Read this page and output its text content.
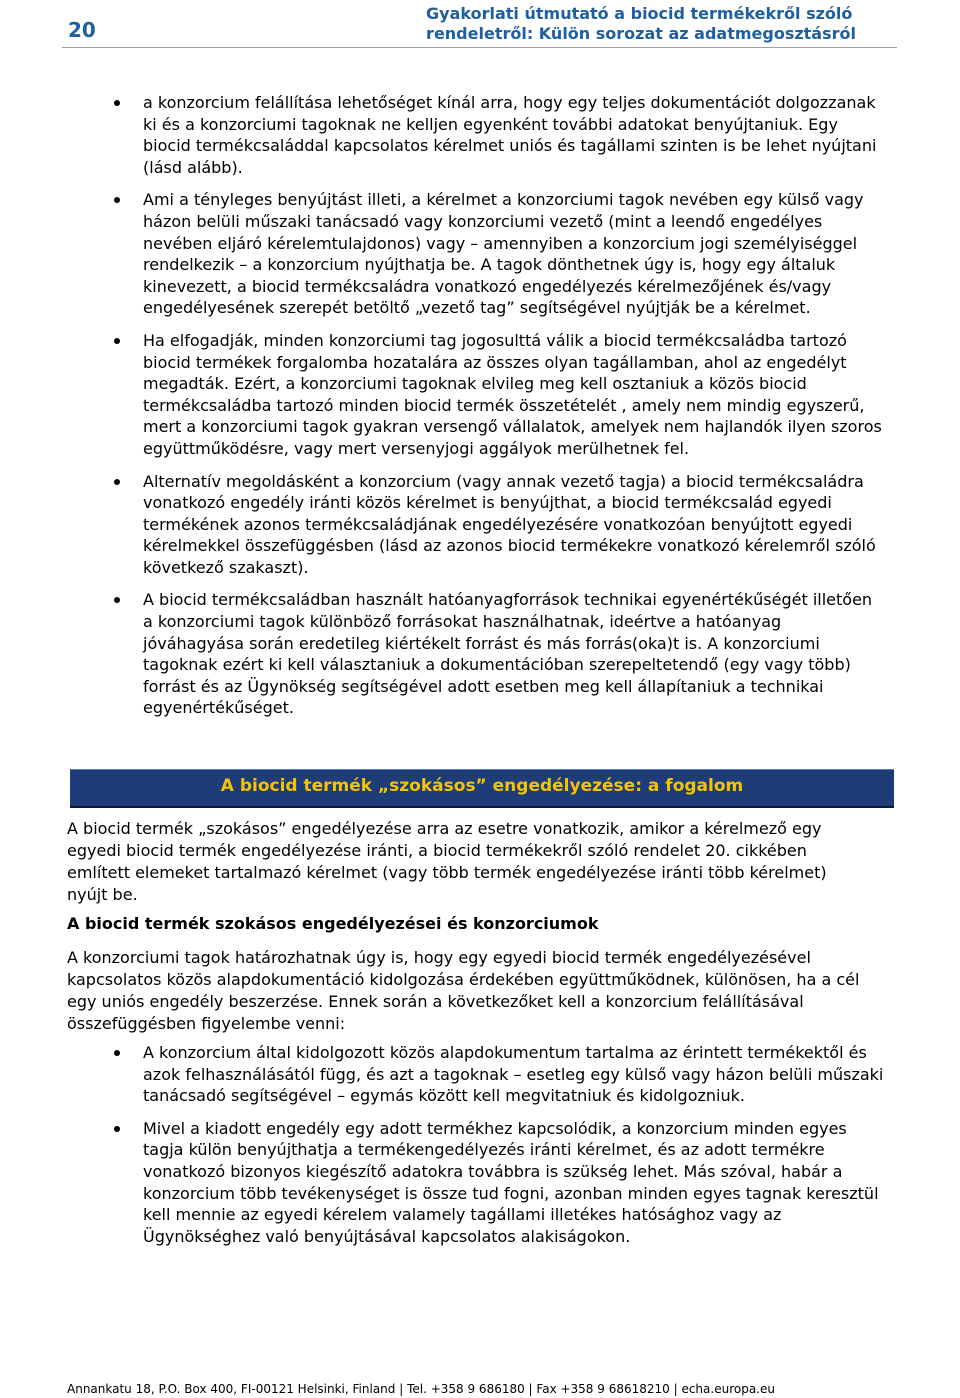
20
Gyakorlati útmutató a biocid termékekről szóló
rendeletről: Külön sorozat az adatmegosztásról
a konzorcium felállítása lehetőséget kínál arra, hogy egy teljes dokumentációt dolgozzanak ki és a konzorciumi tagoknak ne kelljen egyenként további adatokat benyújtaniuk. Egy biocid termékcsaláddal kapcsolatos kérelmet uniós és tagállami szinten is be lehet nyújtani (lásd alább).
Ami a tényleges benyújtást illeti, a kérelmet a konzorciumi tagok nevében egy külső vagy házon belüli műszaki tanácsadó vagy konzorciumi vezető (mint a leendő engedélyes nevében eljáró kérelemtulajdonos) vagy – amennyiben a konzorcium jogi személyiséggel rendelkezik – a konzorcium nyújthatja be. A tagok dönthetnek úgy is, hogy egy általuk kinevezett, a biocid termékcsaládra vonatkozó engedélyezés kérelmezőjének és/vagy engedélyesének szerepét betöltő „vezető tag” segítségével nyújtják be a kérelmet.
Ha elfogadják, minden konzorciumi tag jogosulttá válik a biocid termékcsaládba tartozó biocid termékek forgalomba hozatalára az összes olyan tagállamban, ahol az engedélyt megadták. Ezért, a konzorciumi tagoknak elvileg meg kell osztaniuk a közös biocid termékcsaládba tartozó minden biocid termék összetételét , amely nem mindig egyszerű, mert a konzorciumi tagok gyakran versengő vállalatok, amelyek nem hajlandók ilyen szoros együttműködésre, vagy mert versenyjogi aggályok merülhetnek fel.
Alternatív megoldásként a konzorcium (vagy annak vezető tagja) a biocid termékcsaládra vonatkozó engedély iránti közös kérelmet is benyújthat, a biocid termékcsalád egyedi termékének azonos termékcsaládjának engedélyezésére vonatkozóan benyújtott egyedi kérelmekkel összefüggésben (lásd az azonos biocid termékekre vonatkozó kérelemről szóló következő szakaszt).
A biocid termékcsaládban használt hatóanyagforrások technikai egyenértékűségét illetően a konzorciumi tagok különböző forrásokat használhatnak, ideértve a hatóanyag jóváhagyása során eredetileg kiértékelt forrást és más forrás(oka)t is. A konzorciumi tagoknak ezért ki kell választaniuk a dokumentációban szerepeltetendő (egy vagy több) forrást és az Ügynökség segítségével adott esetben meg kell állapítaniuk a technikai egyenértékűséget.
A biocid termék „szokásos” engedélyezése: a fogalom

A biocid termék „szokásos” engedélyezése arra az esetre vonatkozik, amikor a kérelmező egy egyedi biocid termék engedélyezése iránti, a biocid termékekről szóló rendelet 20. cikkében említett elemeket tartalmazó kérelmet (vagy több termék engedélyezése iránti több kérelmet) nyújt be.

A biocid termék szokásos engedélyezései és konzorciumok

A konzorciumi tagok határozhatnak úgy is, hogy egy egyedi biocid termék engedélyezésével kapcsolatos közös alapdokumentáció kidolgozása érdekében együttműködnek, különösen, ha a cél egy uniós engedély beszerzése. Ennek során a következőket kell a konzorcium felállításával összefüggésben figyelembe venni:

A konzorcium által kidolgozott közös alapdokumentum tartalma az érintett termékektől és azok felhasználásától függ, és azt a tagoknak – esetleg egy külső vagy házon belüli műszaki tanácsadó segítségével – egymás között kell megvitatniuk és kidolgozniuk.
Mivel a kiadott engedély egy adott termékhez kapcsolódik, a konzorcium minden egyes tagja külön benyújthatja a termékengedélyezés iránti kérelmet, és az adott termékre vonatkozó bizonyos kiegészítő adatokra továbbra is szükség lehet. Más szóval, habár a konzorcium több tevékenységet is össze tud fogni, azonban minden egyes tagnak keresztül kell mennie az egyedi kérelem valamely tagállami illetékes hatósághoz vagy az Ügynökséghez való benyújtásával kapcsolatos alakiságokon.
Annankatu 18, P.O. Box 400, FI-00121 Helsinki, Finland | Tel. +358 9 686180 | Fax +358 9 68618210 | echa.europa.eu
